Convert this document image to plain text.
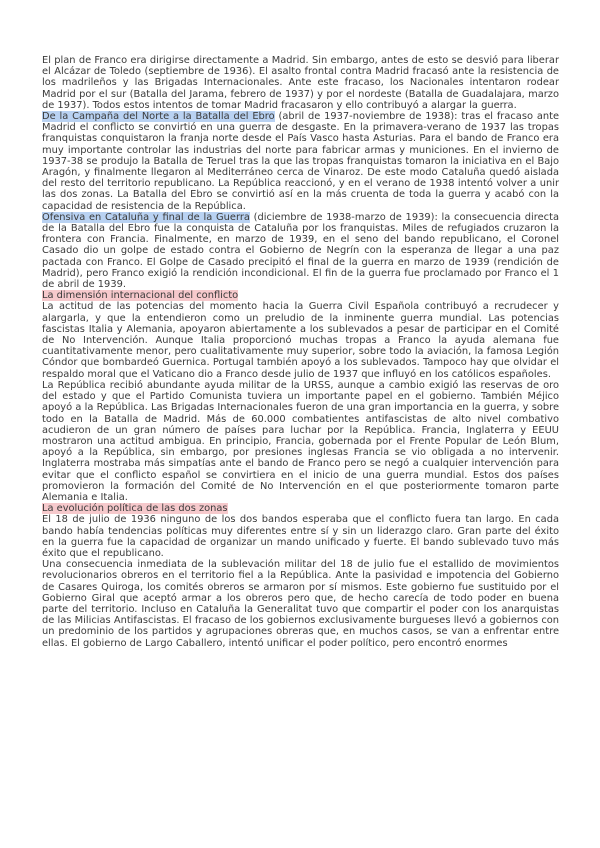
El plan de Franco era dirigirse directamente a Madrid. Sin embargo, antes de esto se desvió para liberar el Alcázar de Toledo (septiembre de 1936). El asalto frontal contra Madrid fracasó ante la resistencia de los madrileños y las Brigadas Internacionales. Ante este fracaso, los Nacionales intentaron rodear Madrid por el sur (Batalla del Jarama, febrero de 1937) y por el nordeste (Batalla de Guadalajara, marzo de 1937). Todos estos intentos de tomar Madrid fracasaron y ello contribuyó a alargar la guerra.

De la Campaña del Norte a la Batalla del Ebro (abril de 1937-noviembre de 1938): tras el fracaso ante Madrid el conflicto se convirtió en una guerra de desgaste. En la primavera-verano de 1937 las tropas franquistas conquistaron la franja norte desde el País Vasco hasta Asturias. Para el bando de Franco era muy importante controlar las industrias del norte para fabricar armas y municiones. En el invierno de 1937-38 se produjo la Batalla de Teruel tras la que las tropas franquistas tomaron la iniciativa en el Bajo Aragón, y finalmente llegaron al Mediterráneo cerca de Vinaroz. De este modo Cataluña quedó aislada del resto del territorio republicano. La República reaccionó, y en el verano de 1938 intentó volver a unir las dos zonas. La Batalla del Ebro se convirtió así en la más cruenta de toda la guerra y acabó con la capacidad de resistencia de la República.

Ofensiva en Cataluña y final de la Guerra (diciembre de 1938-marzo de 1939): la consecuencia directa de la Batalla del Ebro fue la conquista de Cataluña por los franquistas. Miles de refugiados cruzaron la frontera con Francia. Finalmente, en marzo de 1939, en el seno del bando republicano, el Coronel Casado dio un golpe de estado contra el Gobierno de Negrín con la esperanza de llegar a una paz pactada con Franco. El Golpe de Casado precipitó el final de la guerra en marzo de 1939 (rendición de Madrid), pero Franco exigió la rendición incondicional. El fin de la guerra fue proclamado por Franco el 1 de abril de 1939.

La dimensión internacional del conflicto

La actitud de las potencias del momento hacia la Guerra Civil Española contribuyó a recrudecer y alargarla, y que la entendieron como un preludio de la inminente guerra mundial. Las potencias fascistas Italia y Alemania, apoyaron abiertamente a los sublevados a pesar de participar en el Comité de No Intervención. Aunque Italia proporcionó muchas tropas a Franco la ayuda alemana fue cuantitativamente menor, pero cualitativamente muy superior, sobre todo la aviación, la famosa Legión Cóndor que bombardeó Guernica. Portugal también apoyó a los sublevados. Tampoco hay que olvidar el respaldo moral que el Vaticano dio a Franco desde julio de 1937 que influyó en los católicos españoles.

La República recibió abundante ayuda militar de la URSS, aunque a cambio exigió las reservas de oro del estado y que el Partido Comunista tuviera un importante papel en el gobierno. También Méjico apoyó a la República. Las Brigadas Internacionales fueron de una gran importancia en la guerra, y sobre todo en la Batalla de Madrid. Más de 60.000 combatientes antifascistas de alto nivel combativo acudieron de un gran número de países para luchar por la República. Francia, Inglaterra y EEUU mostraron una actitud ambigua. En principio, Francia, gobernada por el Frente Popular de León Blum, apoyó a la República, sin embargo, por presiones inglesas Francia se vio obligada a no intervenir. Inglaterra mostraba más simpatías ante el bando de Franco pero se negó a cualquier intervención para evitar que el conflicto español se convirtiera en el inicio de una guerra mundial. Estos dos países promovieron la formación del Comité de No Intervención en el que posteriormente tomaron parte Alemania e Italia.

La evolución política de las dos zonas

El 18 de julio de 1936 ninguno de los dos bandos esperaba que el conflicto fuera tan largo. En cada bando había tendencias políticas muy diferentes entre sí y sin un liderazgo claro. Gran parte del éxito en la guerra fue la capacidad de organizar un mando unificado y fuerte. El bando sublevado tuvo más éxito que el republicano.

Una consecuencia inmediata de la sublevación militar del 18 de julio fue el estallido de movimientos revolucionarios obreros en el territorio fiel a la República. Ante la pasividad e impotencia del Gobierno de Casares Quiroga, los comités obreros se armaron por sí mismos. Este gobierno fue sustituido por el Gobierno Giral que aceptó armar a los obreros pero que, de hecho carecía de todo poder en buena parte del territorio. Incluso en Cataluña la Generalitat tuvo que compartir el poder con los anarquistas de las Milicias Antifascistas. El fracaso de los gobiernos exclusivamente burgueses llevó a gobiernos con un predominio de los partidos y agrupaciones obreras que, en muchos casos, se van a enfrentar entre ellas. El gobierno de Largo Caballero, intentó unificar el poder político, pero encontró enormes
